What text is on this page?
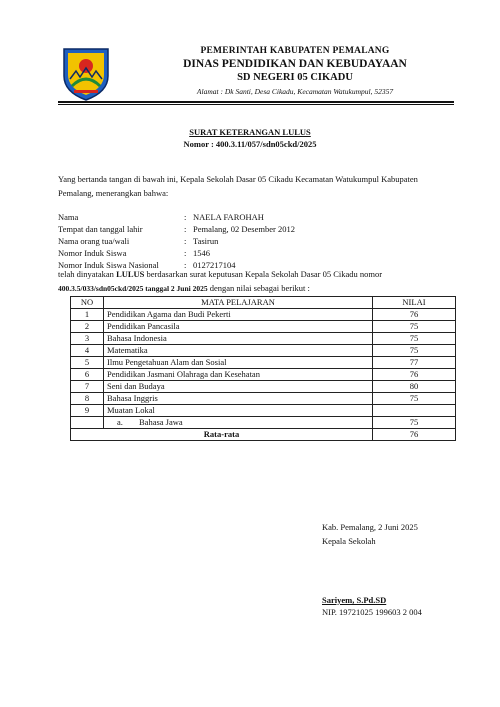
PEMERINTAH KABUPATEN PEMALANG
DINAS PENDIDIKAN DAN KEBUDAYAAN
SD NEGERI 05 CIKADU
Alamat : Dk Santi, Desa Cikadu, Kecamatan Watukumpul, 52357
SURAT KETERANGAN LULUS
Nomor : 400.3.11/057/sdn05ckd/2025
Yang bertanda tangan di bawah ini, Kepala Sekolah Dasar 05 Cikadu Kecamatan Watukumpul Kabupaten Pemalang, menerangkan bahwa:
Nama	: NAELA FAROHAH
Tempat dan tanggal lahir	: Pemalang, 02 Desember 2012
Nama orang tua/wali	: Tasirun
Nomor Induk Siswa	: 1546
Nomor Induk Siswa Nasional	: 0127217104
telah dinyatakan LULUS berdasarkan surat keputusan Kepala Sekolah Dasar 05 Cikadu nomor
400.3.5/033/sdn05ckd/2025 tanggal 2 Juni 2025 dengan nilai sebagai berikut :
NO	MATA PELAJARAN	NILAI
1	Pendidikan Agama dan Budi Pekerti	76
2	Pendidikan Pancasila	75
3	Bahasa Indonesia	75
4	Matematika	75
5	Ilmu Pengetahuan Alam dan Sosial	77
6	Pendidikan Jasmani Olahraga dan Kesehatan	76
7	Seni dan Budaya	80
8	Bahasa Inggris	75
9	Muatan Lokal	
	a. Bahasa Jawa	75
Rata-rata		76
Kab. Pemalang, 2 Juni 2025
Kepala Sekolah
Sariyem, S.Pd.SD
NIP. 19721025 199603 2 004
